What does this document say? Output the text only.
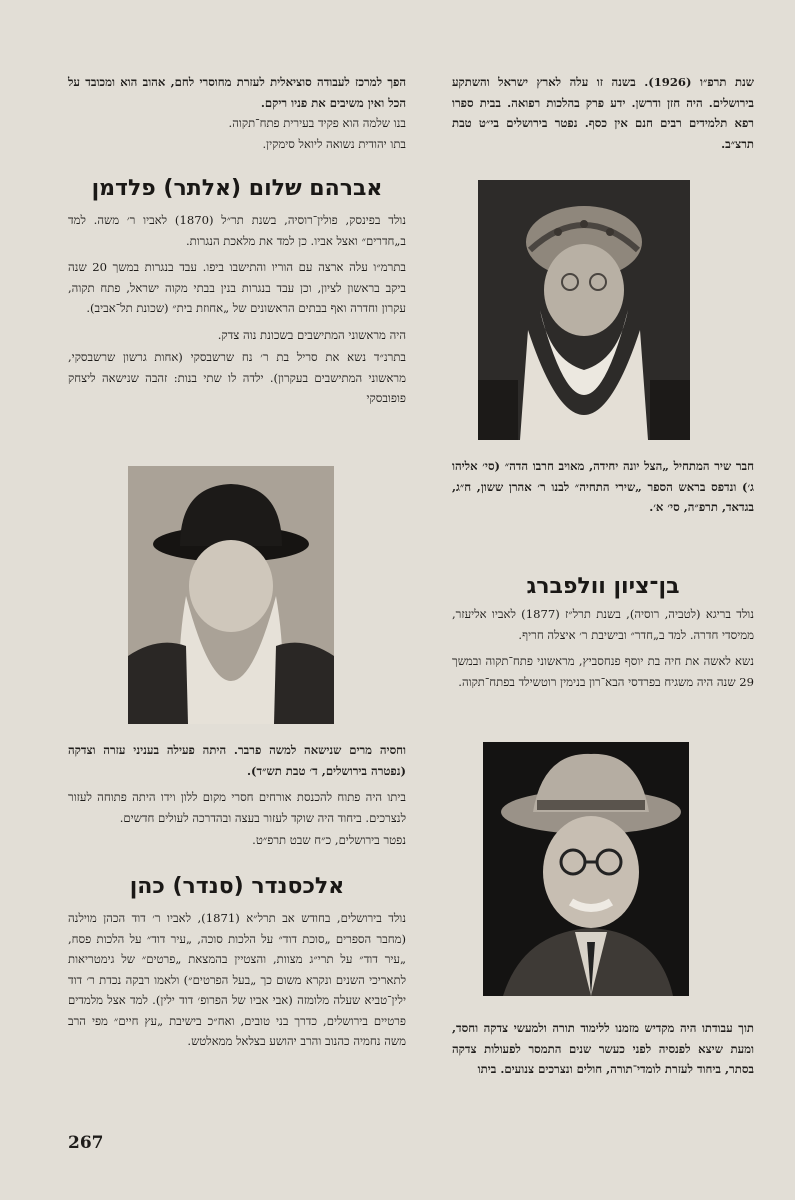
שנת תרפ״ו (1926). בשנה זו עלה לארץ ישראל והשתקע בירושלים. היה חזן ודרשן. ידע פרק בהלכות רפואה. בבית ספרו רפא תלמידים רבים חנם אין כסף. נפטר בירושלים בי״ט טבת תרצ״ב.

חבר שיר המתחיל „הצל יונה יחידה, מאויב חרבו הדה״ (סי׳ אליהו ג׳) ונדפס בראש הספר „שירי התחיה״ לבנו ר׳ אהרן ששון, ח״ג, בגדאד, תרפ״ה, סי׳ א׳.

בן־ציון וולפברג

נולד בריגא (לטביה, רוסיה), בשנת תרל״ז (1877) לאביו אליעזר, ממיסדי חדרה. למד ב„חדר״ ובישיבת ר׳ איצלה חריף.

נשא לאשה את חיה בת יוסף פנחסביץ, מראשוני פתח־תקוה ובמשך 29 שנה היה משגיח בפרדסי הבא־רון בנימין רוטשילד בפתח־תקוה.

תוך עבודתו היה מקדיש מזמנו ללימוד תורה ולמעשי צדקה וחסד, ומעת שיצא לפנסיה לפני כעשר שנים התמסר לפעולות צדקה בסתר, ביחוד לעזרת לומדי־תורה, חולים ונצרכים צנועים. ביתו

הפך למרכז לעבודה סוציאלית לעזרת מחוסרי לחם, אהוב הוא ומכובד על הכל ואין משיבים את פניו ריקם.

בנו שלמה הוא פקיד בעירית פתח־תקוה.

בתו יהודית נשואה ליואל סימקין.

אברהם שלום (אלתר) פלדמן

נולד בפינסק, פולין־רוסיה, בשנת תר״ל (1870) לאביו ר׳ משה. למד ב„חדרים״ ואצל אביו. כן למד את מלאכת הנגרות.

בתרמ״ו עלה ארצה עם הוריו והתישבו ביפו. עבד בנגרות במשך 20 שנה ביקב בראשון לציון, וכן עבד בנגרות בנין בבתי מקוה ישראל, פתח תקוה, עקרון וחדרה ואף בבתים הראשונים של „אחוזת בית״ (שכונת תל־אביב).

היה מראשוני המתישבים בשכונת נוה צדק.

בתרנ״ד נשא את סריל בת ר׳ נח שרשבסקי (אחות גרשון שרשבסקי, מראשוני המתישבים בעקרון). ילדה לו שתי בנות: זהבה שנישאה ליצחק פופובסקי

וחסיה מרים שנישאה למשה פרבר. היתה פעילה בעניני עזרה וצדקה (נפטרה בירושלים, ד׳ טבת תש״ד).

ביתו היה פתוח להכנסת אורחים חסרי מקום ללון וידו היתה פתוחה לעזור לנצרכים. ביחוד היה שוקד לעזור בעצה ובהדרכה לעולים חדשים.

נפטר בירושלים, כ״ח שבט תרפ״ט.

אלכסנדר (סנדר) כהן

נולד בירושלים, בחודש אב תרל״א (1871), לאביו ר׳ דוד הכהן מוילנה (מחבר הספרים „סוכת דוד״ על הלכות סוכה, „עיר דוד״ על הלכות פסח, „עיר דוד״ על תרי״ג מצוות, והצטיין בהמצאת „פרטים״ של גימטריאות לתאריכי השנים ונקרא משום כך „בעל הפרטים״) ולאמו רבקה נכדת ר׳ דוד ילין־טביא שעלה מלומזה (אבי אביו של הפרופ׳ דוד ילין). למד אצל מלמדים פרטיים בירושלים, כדרך בני טובים, ואח״כ בישיבת „עץ חיים״ מפי הרב משה נחמיה כהנוב והרב יהושע בצלאל ממאלטש.

267
